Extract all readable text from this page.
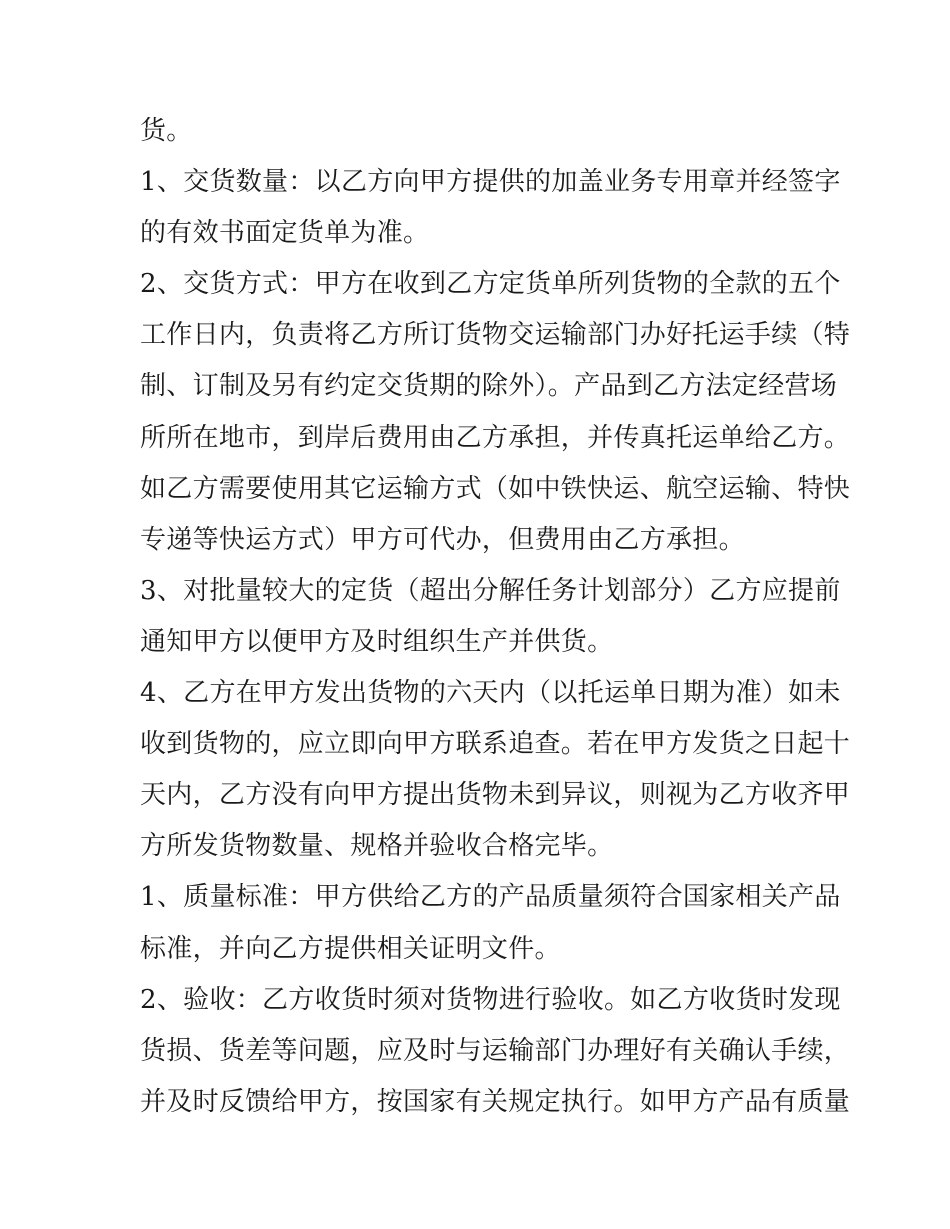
货。
1、交货数量：以乙方向甲方提供的加盖业务专用章并经签字
的有效书面定货单为准。
2、交货方式：甲方在收到乙方定货单所列货物的全款的五个
工作日内，负责将乙方所订货物交运输部门办好托运手续（特
制、订制及另有约定交货期的除外）。产品到乙方法定经营场
所所在地市，到岸后费用由乙方承担，并传真托运单给乙方。
如乙方需要使用其它运输方式（如中铁快运、航空运输、特快
专递等快运方式）甲方可代办，但费用由乙方承担。
3、对批量较大的定货（超出分解任务计划部分）乙方应提前
通知甲方以便甲方及时组织生产并供货。
4、乙方在甲方发出货物的六天内（以托运单日期为准）如未
收到货物的，应立即向甲方联系追查。若在甲方发货之日起十
天内，乙方没有向甲方提出货物未到异议，则视为乙方收齐甲
方所发货物数量、规格并验收合格完毕。
1、质量标准：甲方供给乙方的产品质量须符合国家相关产品
标准，并向乙方提供相关证明文件。
2、验收：乙方收货时须对货物进行验收。如乙方收货时发现
货损、货差等问题，应及时与运输部门办理好有关确认手续，
并及时反馈给甲方，按国家有关规定执行。如甲方产品有质量
